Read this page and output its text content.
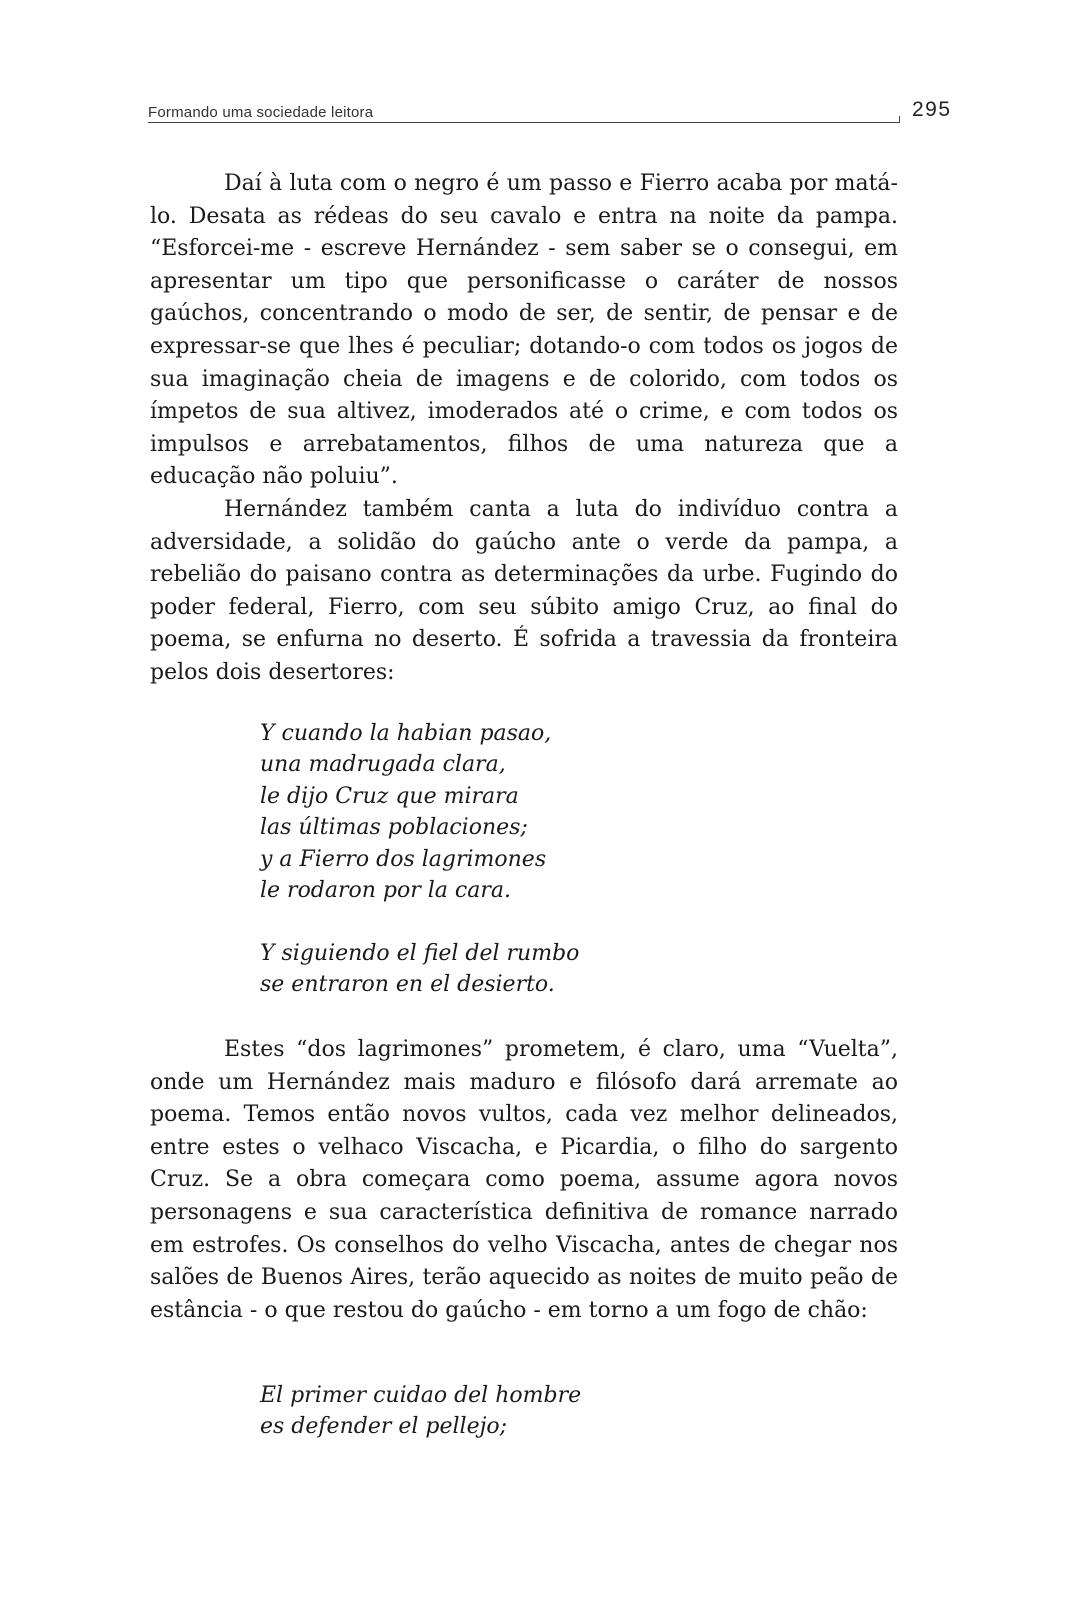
Formando uma sociedade leitora	295

Daí à luta com o negro é um passo e Fierro acaba por matá-lo. Desata as rédeas do seu cavalo e entra na noite da pampa. “Esforcei-me - escreve Hernández - sem saber se o consegui, em apresentar um tipo que personificasse o caráter de nossos gaúchos, concentrando o modo de ser, de sentir, de pensar e de expressar-se que lhes é peculiar; dotando-o com todos os jogos de sua imaginação cheia de imagens e de colorido, com todos os ímpetos de sua altivez, imoderados até o crime, e com todos os impulsos e arrebatamentos, filhos de uma natureza que a educação não poluiu”.

Hernández também canta a luta do indivíduo contra a adversidade, a solidão do gaúcho ante o verde da pampa, a rebelião do paisano contra as determinações da urbe. Fugindo do poder federal, Fierro, com seu súbito amigo Cruz, ao final do poema, se enfurna no deserto. É sofrida a travessia da fronteira pelos dois desertores:

Y cuando la habian pasao,
una madrugada clara,
le dijo Cruz que mirara
las últimas poblaciones;
y a Fierro dos lagrimones
le rodaron por la cara.
Y siguiendo el fiel del rumbo
se entraron en el desierto.

Estes “dos lagrimones” prometem, é claro, uma “Vuelta”, onde um Hernández mais maduro e filósofo dará arremate ao poema. Temos então novos vultos, cada vez melhor delineados, entre estes o velhaco Viscacha, e Picardia, o filho do sargento Cruz. Se a obra começara como poema, assume agora novos personagens e sua característica definitiva de romance narrado em estrofes. Os conselhos do velho Viscacha, antes de chegar nos salões de Buenos Aires, terão aquecido as noites de muito peão de estância - o que restou do gaúcho - em torno a um fogo de chão:

El primer cuidao del hombre
es defender el pellejo;
